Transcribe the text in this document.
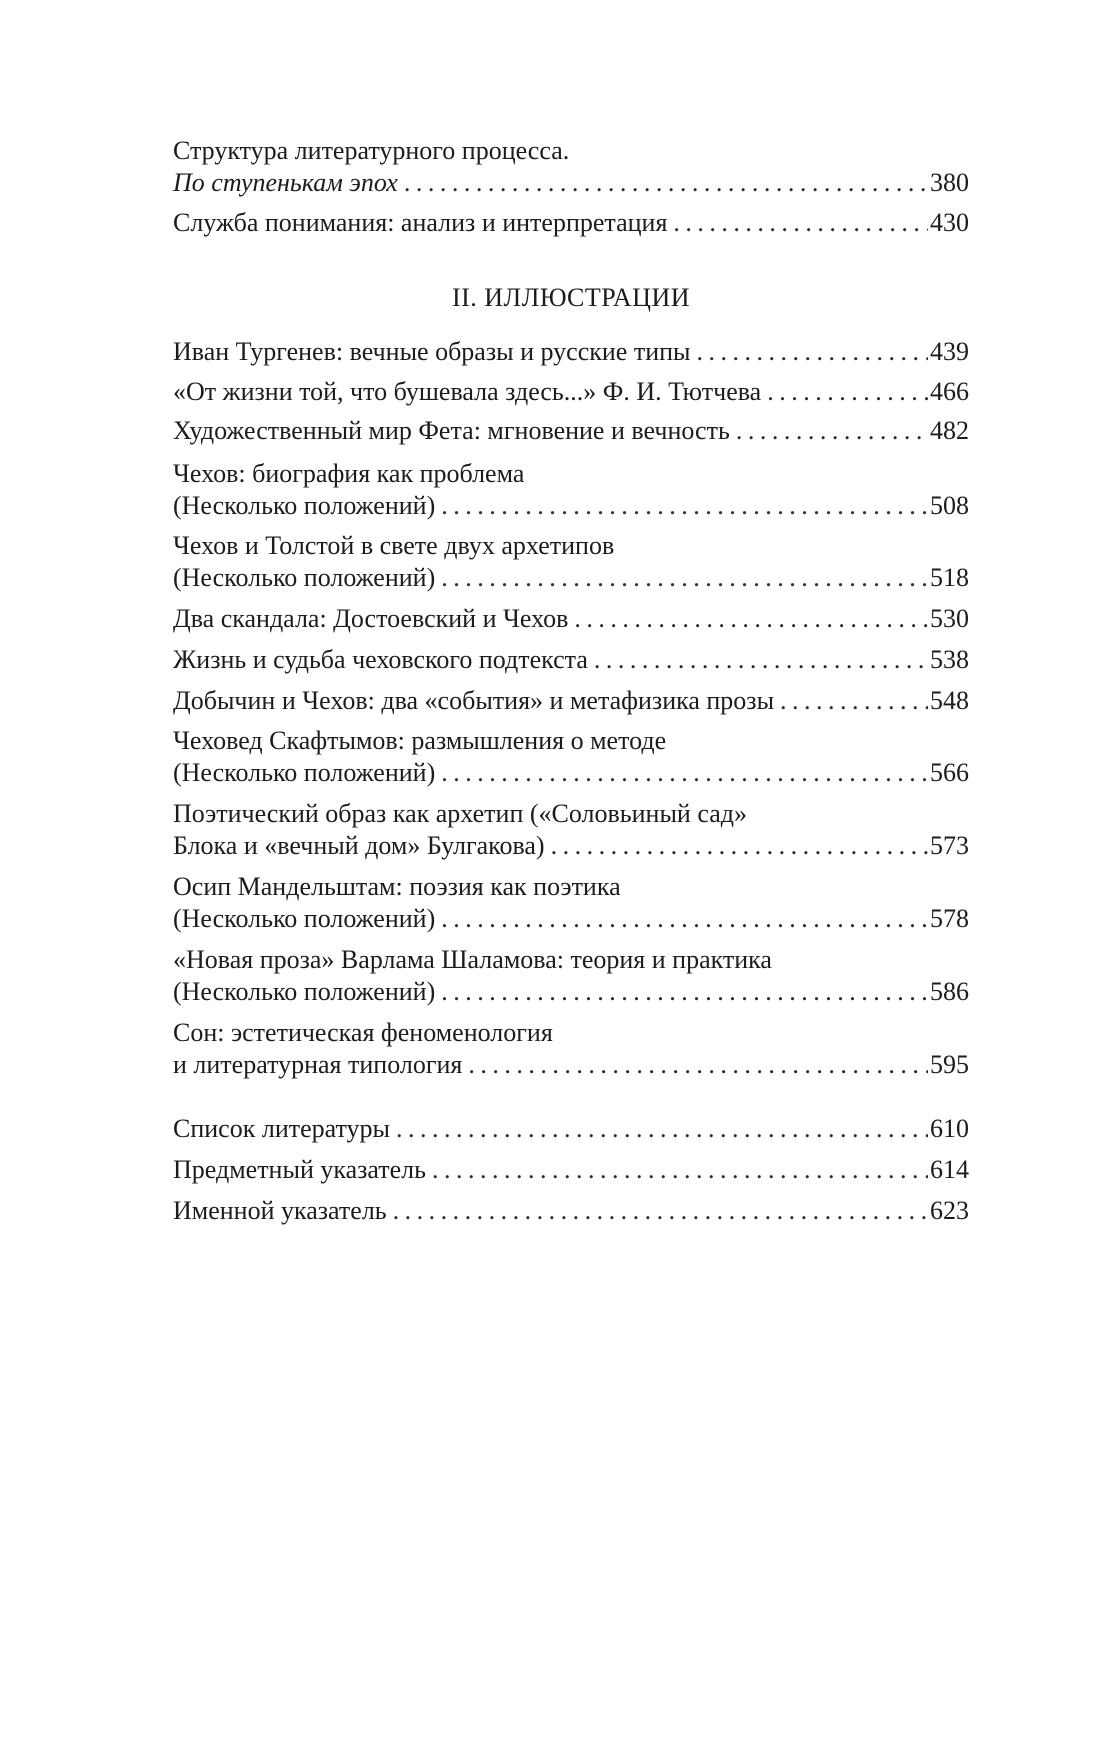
Структура литературного процесса.
По ступенькам эпох . . .	380
Служба понимания: анализ и интерпретация . . .	430
II. ИЛЛЮСТРАЦИИ
Иван Тургенев: вечные образы и русские типы . . .	439
«От жизни той, что бушевала здесь...» Ф. И. Тютчева . . .	466
Художественный мир Фета: мгновение и вечность . . .	482
Чехов: биография как проблема
(Несколько положений) . . .	508
Чехов и Толстой в свете двух архетипов
(Несколько положений) . . .	518
Два скандала: Достоевский и Чехов . . .	530
Жизнь и судьба чеховского подтекста . . .	538
Добычин и Чехов: два «события» и метафизика прозы . . .	548
Чеховед Скафтымов: размышления о методе
(Несколько положений) . . .	566
Поэтический образ как архетип («Соловьиный сад»
Блока и «вечный дом» Булгакова) . . .	573
Осип Мандельштам: поэзия как поэтика
(Несколько положений) . . .	578
«Новая проза» Варлама Шаламова: теория и практика
(Несколько положений) . . .	586
Сон: эстетическая феноменология
и литературная типология . . .	595
Список литературы . . .	610
Предметный указатель . . .	614
Именной указатель . . .	623
